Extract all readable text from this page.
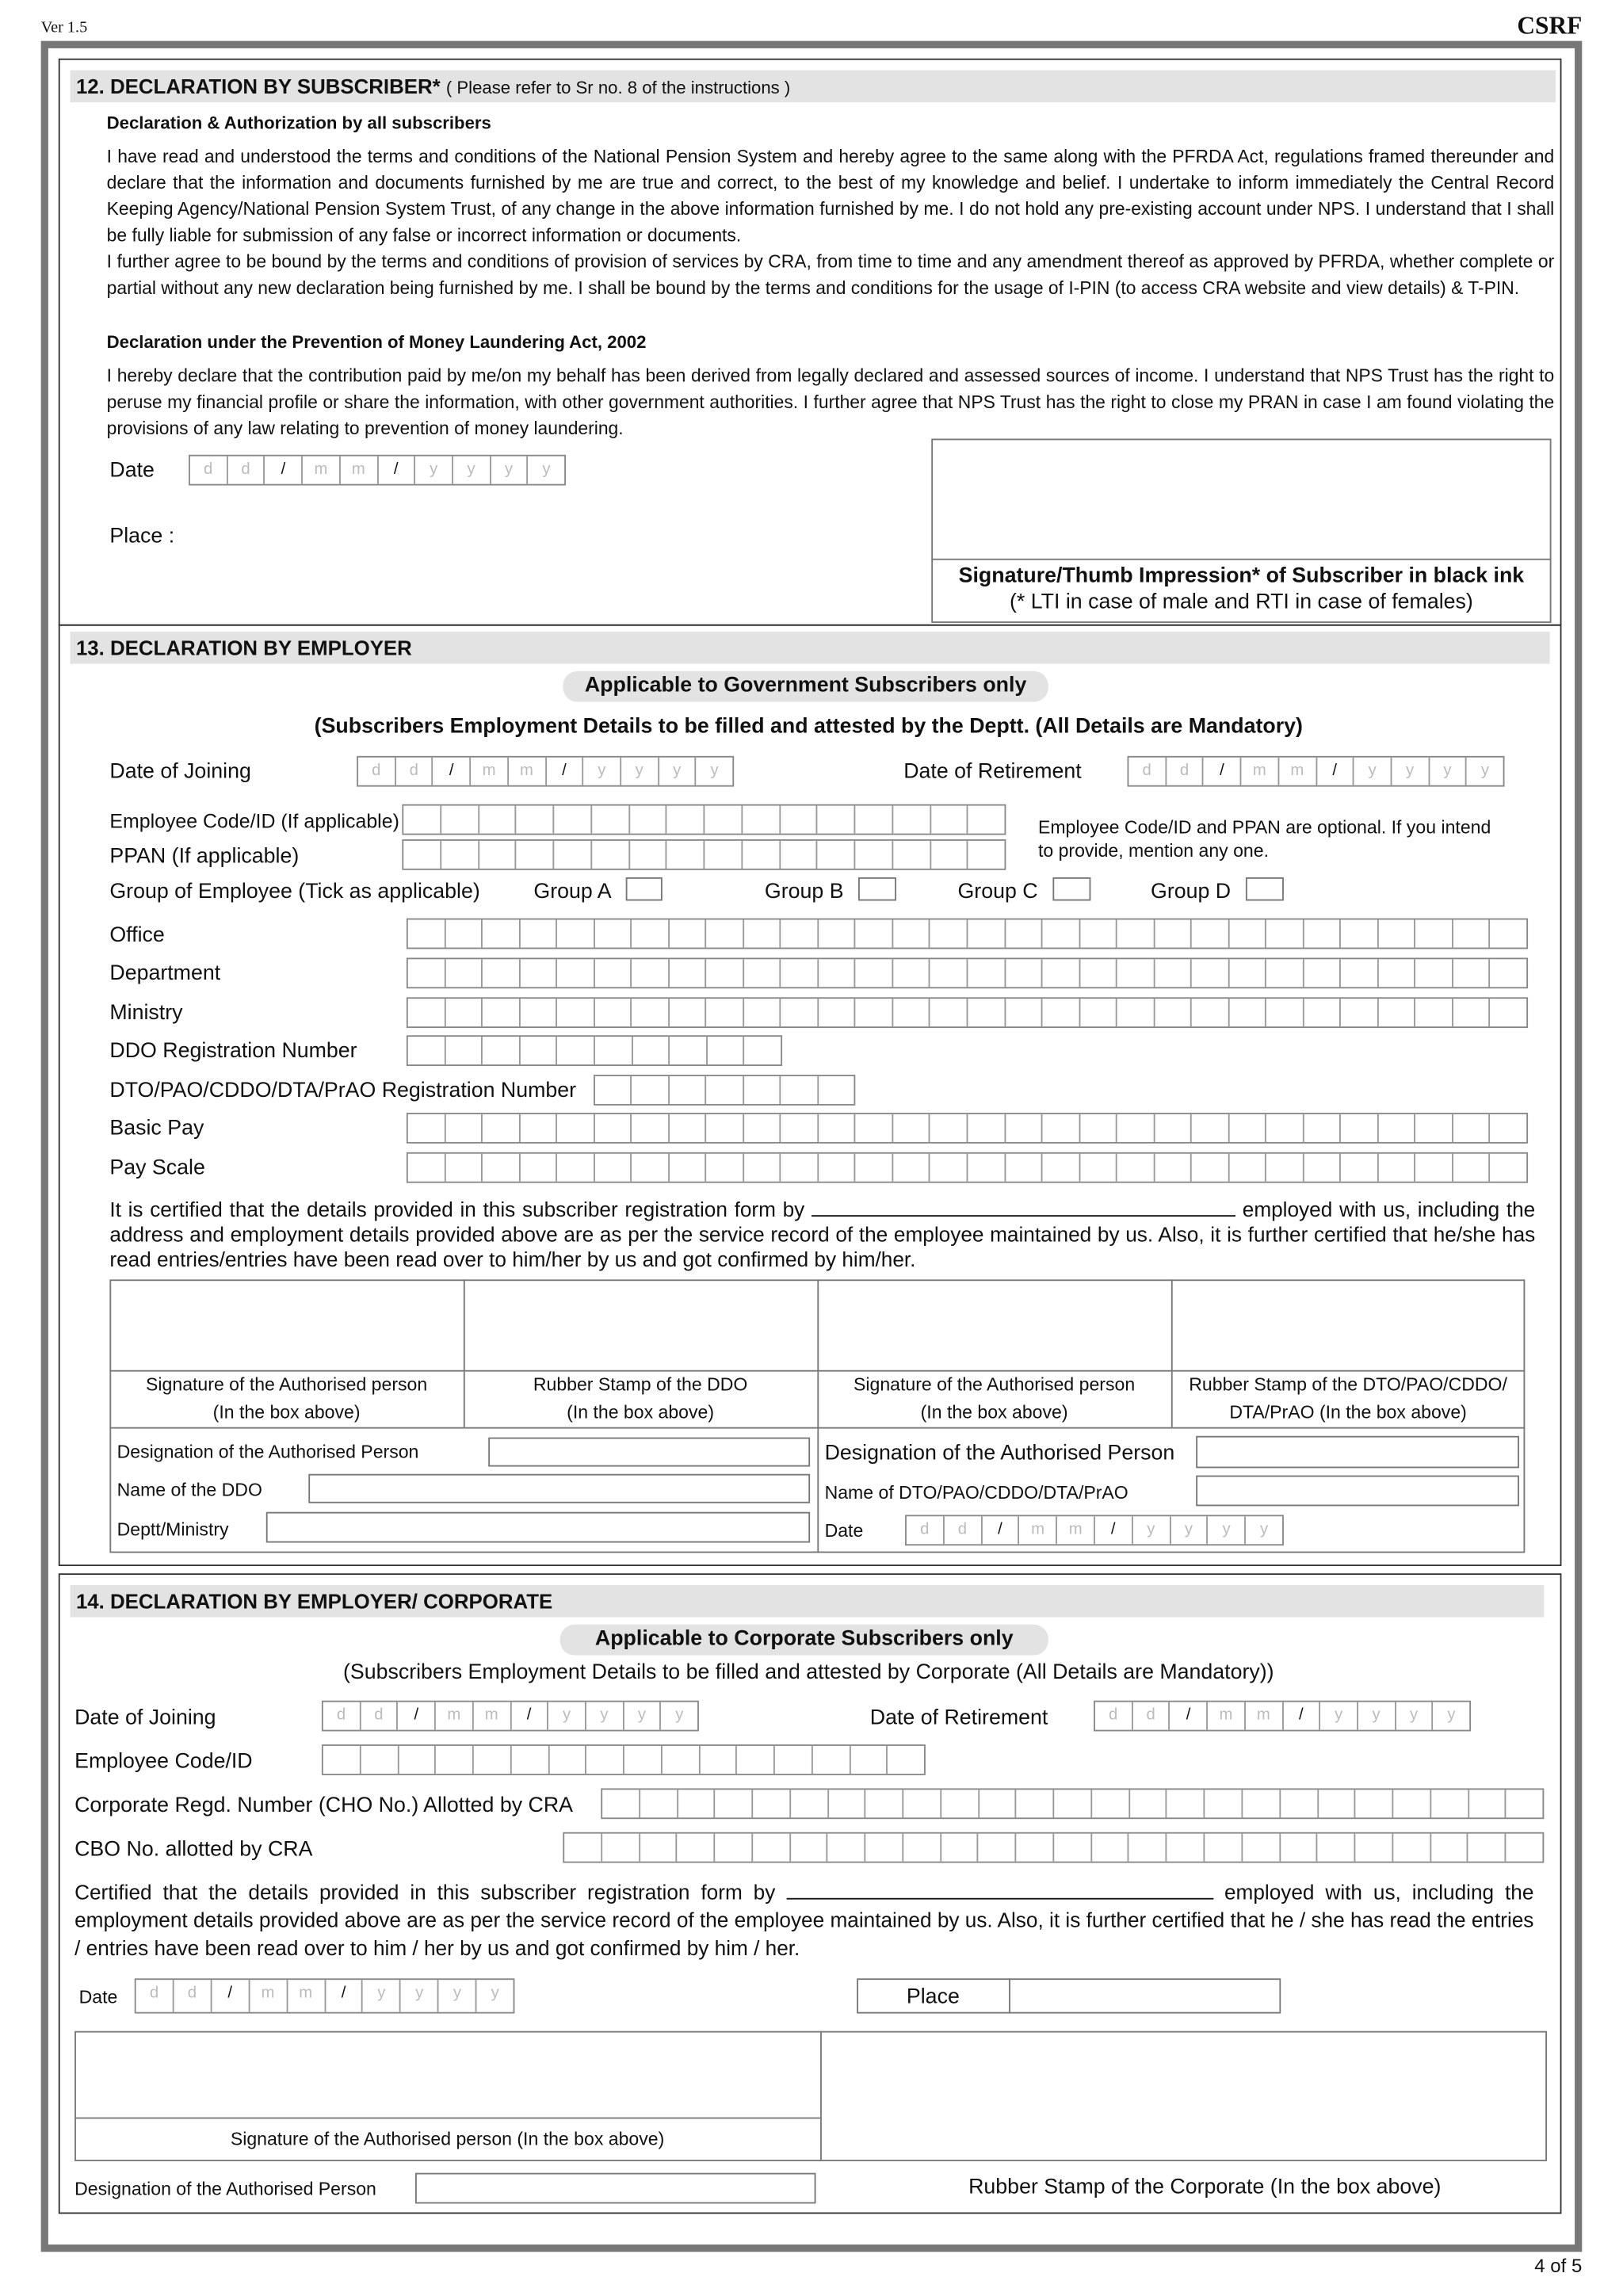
Ver 1.5	CSRF
12. DECLARATION BY SUBSCRIBER* ( Please refer to Sr no. 8 of the instructions )
Declaration & Authorization by all subscribers
I have read and understood the terms and conditions of the National Pension System and hereby agree to the same along with the PFRDA Act, regulations framed thereunder and declare that the information and documents furnished by me are true and correct, to the best of my knowledge and belief. I undertake to inform immediately the Central Record Keeping Agency/National Pension System Trust, of any change in the above information furnished by me. I do not hold any pre-existing account under NPS. I understand that I shall be fully liable for submission of any false or incorrect information or documents.
I further agree to be bound by the terms and conditions of provision of services by CRA, from time to time and any amendment thereof as approved by PFRDA, whether complete or partial without any new declaration being furnished by me. I shall be bound by the terms and conditions for the usage of I-PIN (to access CRA website and view details) & T-PIN.
Declaration under the Prevention of Money Laundering Act, 2002
I hereby declare that the contribution paid by me/on my behalf has been derived from legally declared and assessed sources of income. I understand that NPS Trust has the right to peruse my financial profile or share the information, with other government authorities. I further agree that NPS Trust has the right to close my PRAN in case I am found violating the provisions of any law relating to prevention of money laundering.
Date	d	d	/	m	m	/	y	y	y	y
Place :
Signature/Thumb Impression* of Subscriber in black ink
(* LTI in case of male and RTI in case of females)
13. DECLARATION BY EMPLOYER
Applicable to Government Subscribers only
(Subscribers Employment Details to be filled and attested by the Deptt. (All Details are Mandatory)
Date of Joining	d	d	/	m	m	/	y	y	y	y	Date of Retirement	d	d	/	m	m	/	y	y	y	y
Employee Code/ID (If applicable)
PPAN (If applicable)
Employee Code/ID and PPAN are optional. If you intend
to provide, mention any one.
Group of Employee (Tick as applicable)	Group A	Group B	Group C	Group D
Office
Department
Ministry
DDO Registration Number
DTO/PAO/CDDO/DTA/PrAO Registration Number
Basic Pay
Pay Scale
It is certified that the details provided in this subscriber registration form by	employed with us, including the address and employment details provided above are as per the service record of the employee maintained by us. Also, it is further certified that he/she has read entries/entries have been read over to him/her by us and got confirmed by him/her.
Signature of the Authorised person
(In the box above)
Rubber Stamp of the DDO
(In the box above)
Signature of the Authorised person
(In the box above)
Rubber Stamp of the DTO/PAO/CDDO/
DTA/PrAO (In the box above)
Designation of the Authorised Person
Name of the DDO
Deptt/Ministry
Designation of the Authorised Person
Name of DTO/PAO/CDDO/DTA/PrAO
Date	d	d	/	m	m	/	y	y	y	y
14. DECLARATION BY EMPLOYER/ CORPORATE
Applicable to Corporate Subscribers only
(Subscribers Employment Details to be filled and attested by Corporate (All Details are Mandatory))
Date of Joining	d	d	/	m	m	/	y	y	y	y	Date of Retirement	d	d	/	m	m	/	y	y	y	y
Employee Code/ID
Corporate Regd. Number (CHO No.) Allotted by CRA
CBO No. allotted by CRA
Certified that the details provided in this subscriber registration form by	employed with us, including the employment details provided above are as per the service record of the employee maintained by us. Also, it is further certified that he / she has read the entries / entries have been read over to him / her by us and got confirmed by him / her.
Date	d	d	/	m	m	/	y	y	y	y	Place
Signature of the Authorised person (In the box above)
Designation of the Authorised Person	Rubber Stamp of the Corporate (In the box above)
4 of 5
